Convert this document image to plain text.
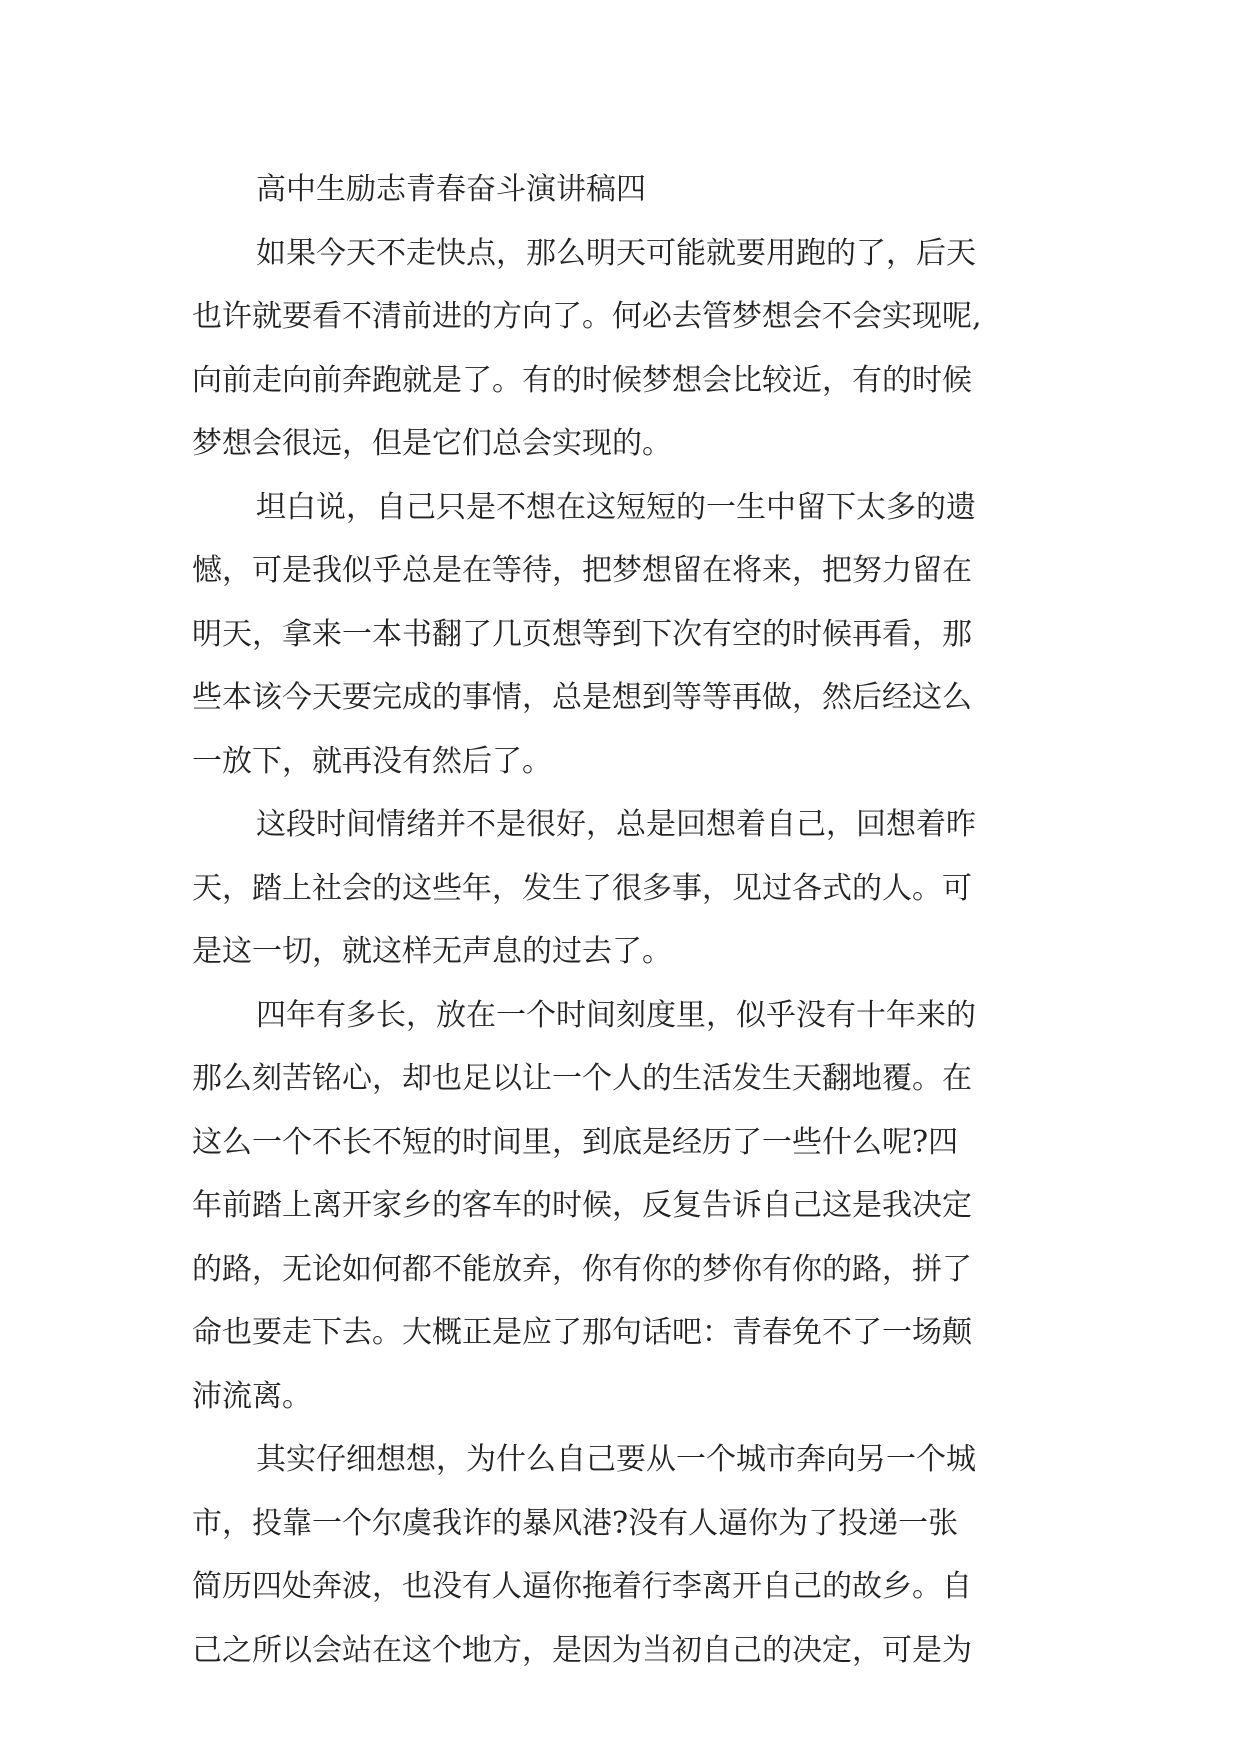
高中生励志青春奋斗演讲稿四
如果今天不走快点，那么明天可能就要用跑的了，后天
也许就要看不清前进的方向了。何必去管梦想会不会实现呢,
向前走向前奔跑就是了。有的时候梦想会比较近，有的时候
梦想会很远，但是它们总会实现的。
坦白说，自己只是不想在这短短的一生中留下太多的遗
憾，可是我似乎总是在等待，把梦想留在将来，把努力留在
明天，拿来一本书翻了几页想等到下次有空的时候再看，那
些本该今天要完成的事情，总是想到等等再做，然后经这么
一放下，就再没有然后了。
这段时间情绪并不是很好，总是回想着自己，回想着昨
天，踏上社会的这些年，发生了很多事，见过各式的人。可
是这一切，就这样无声息的过去了。
四年有多长，放在一个时间刻度里，似乎没有十年来的
那么刻苦铭心，却也足以让一个人的生活发生天翻地覆。在
这么一个不长不短的时间里，到底是经历了一些什么呢?四
年前踏上离开家乡的客车的时候，反复告诉自己这是我决定
的路，无论如何都不能放弃，你有你的梦你有你的路，拼了
命也要走下去。大概正是应了那句话吧：青春免不了一场颠
沛流离。
其实仔细想想，为什么自己要从一个城市奔向另一个城
市，投靠一个尔虞我诈的暴风港?没有人逼你为了投递一张
简历四处奔波，也没有人逼你拖着行李离开自己的故乡。自
己之所以会站在这个地方，是因为当初自己的决定，可是为
